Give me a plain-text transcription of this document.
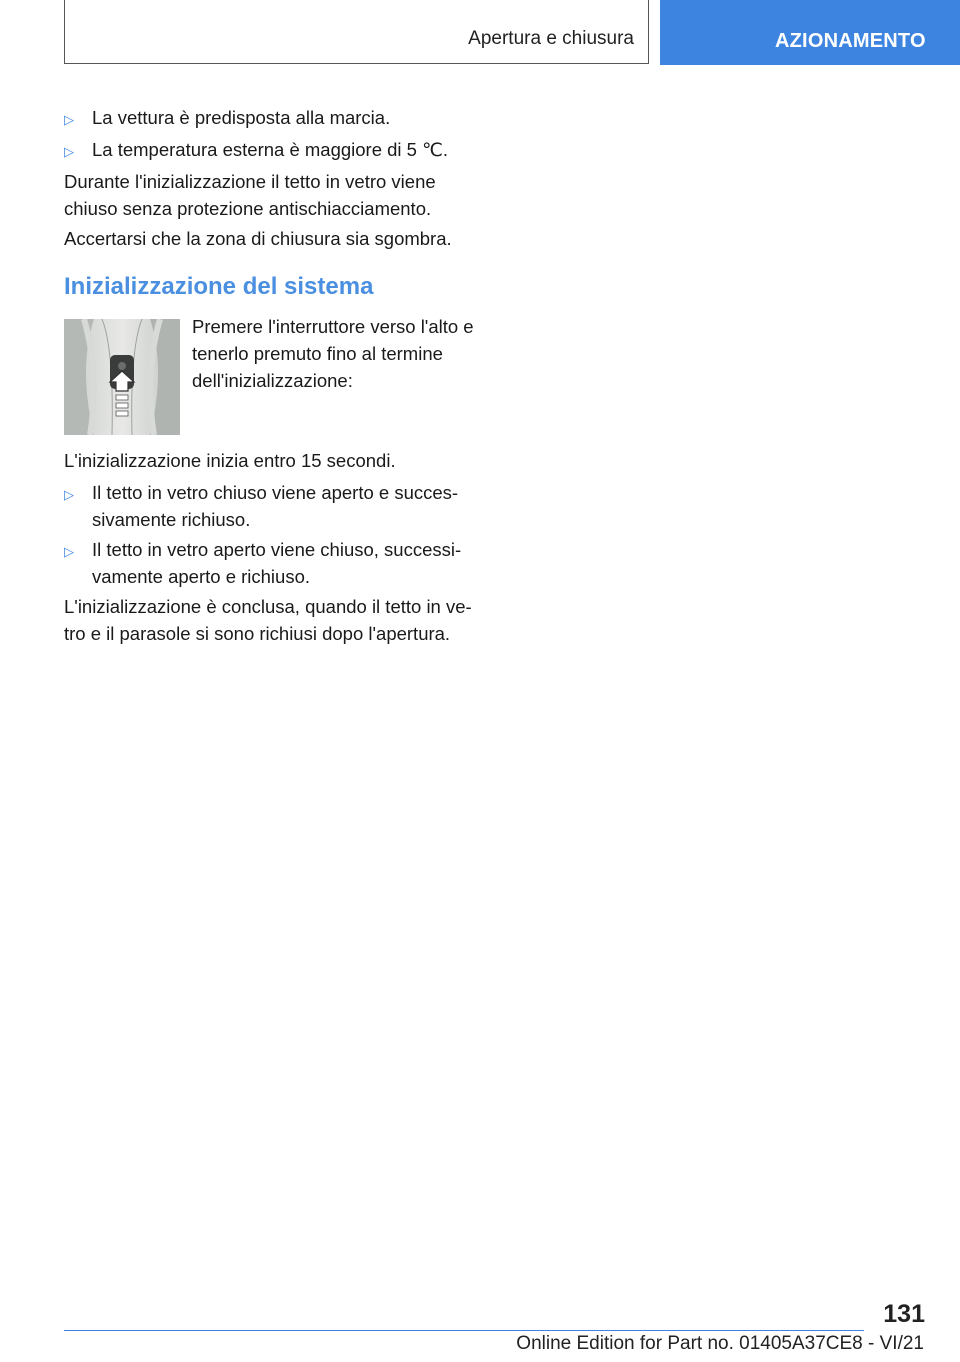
Apertura e chiusura	AZIONAMENTO
▷ La vettura è predisposta alla marcia.
▷ La temperatura esterna è maggiore di 5 ℃.
Durante l'inizializzazione il tetto in vetro viene chiuso senza protezione antischiacciamento.
Accertarsi che la zona di chiusura sia sgombra.
Inizializzazione del sistema
Premere l'interruttore verso l'alto e tenerlo premuto fino al termine dell'inizializzazione:
L'inizializzazione inizia entro 15 secondi.
▷ Il tetto in vetro chiuso viene aperto e successivamente richiuso.
▷ Il tetto in vetro aperto viene chiuso, successivamente aperto e richiuso.
L'inizializzazione è conclusa, quando il tetto in vetro e il parasole si sono richiusi dopo l'apertura.
131
Online Edition for Part no. 01405A37CE8 - VI/21
